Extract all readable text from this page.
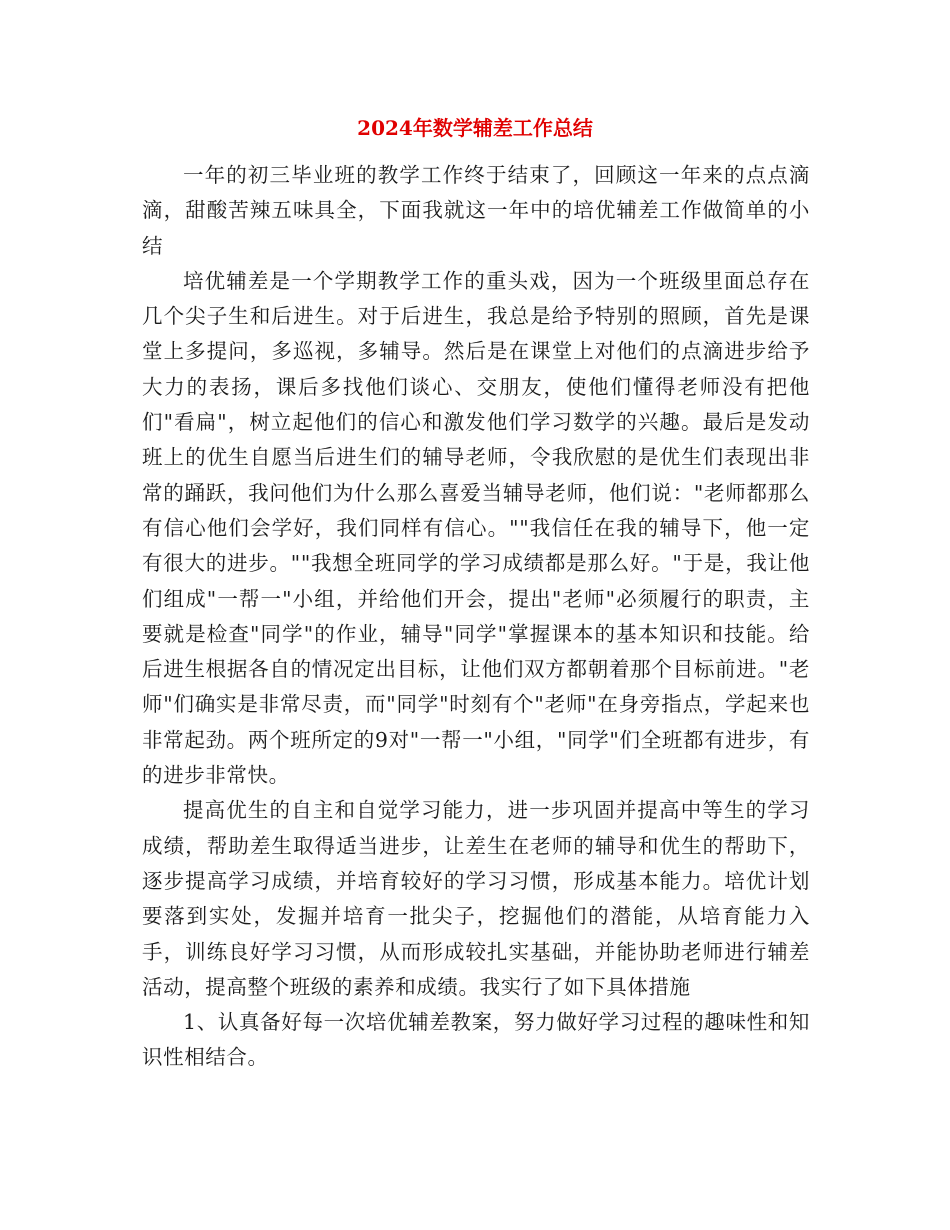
2024年数学辅差工作总结

一年的初三毕业班的教学工作终于结束了，回顾这一年来的点点滴滴，甜酸苦辣五味具全，下面我就这一年中的培优辅差工作做简单的小结

培优辅差是一个学期教学工作的重头戏，因为一个班级里面总存在几个尖子生和后进生。对于后进生，我总是给予特别的照顾，首先是课堂上多提问，多巡视，多辅导。然后是在课堂上对他们的点滴进步给予大力的表扬，课后多找他们谈心、交朋友，使他们懂得老师没有把他们"看扁"，树立起他们的信心和激发他们学习数学的兴趣。最后是发动班上的优生自愿当后进生们的辅导老师，令我欣慰的是优生们表现出非常的踊跃，我问他们为什么那么喜爱当辅导老师，他们说："老师都那么有信心他们会学好，我们同样有信心。""我信任在我的辅导下，他一定有很大的进步。""我想全班同学的学习成绩都是那么好。"于是，我让他们组成"一帮一"小组，并给他们开会，提出"老师"必须履行的职责，主要就是检查"同学"的作业，辅导"同学"掌握课本的基本知识和技能。给后进生根据各自的情况定出目标，让他们双方都朝着那个目标前进。"老师"们确实是非常尽责，而"同学"时刻有个"老师"在身旁指点，学起来也非常起劲。两个班所定的9对"一帮一"小组，"同学"们全班都有进步，有的进步非常快。

提高优生的自主和自觉学习能力，进一步巩固并提高中等生的学习成绩，帮助差生取得适当进步，让差生在老师的辅导和优生的帮助下，逐步提高学习成绩，并培育较好的学习习惯，形成基本能力。培优计划要落到实处，发掘并培育一批尖子，挖掘他们的潜能，从培育能力入手，训练良好学习习惯，从而形成较扎实基础，并能协助老师进行辅差活动，提高整个班级的素养和成绩。我实行了如下具体措施

1、认真备好每一次培优辅差教案，努力做好学习过程的趣味性和知识性相结合。
